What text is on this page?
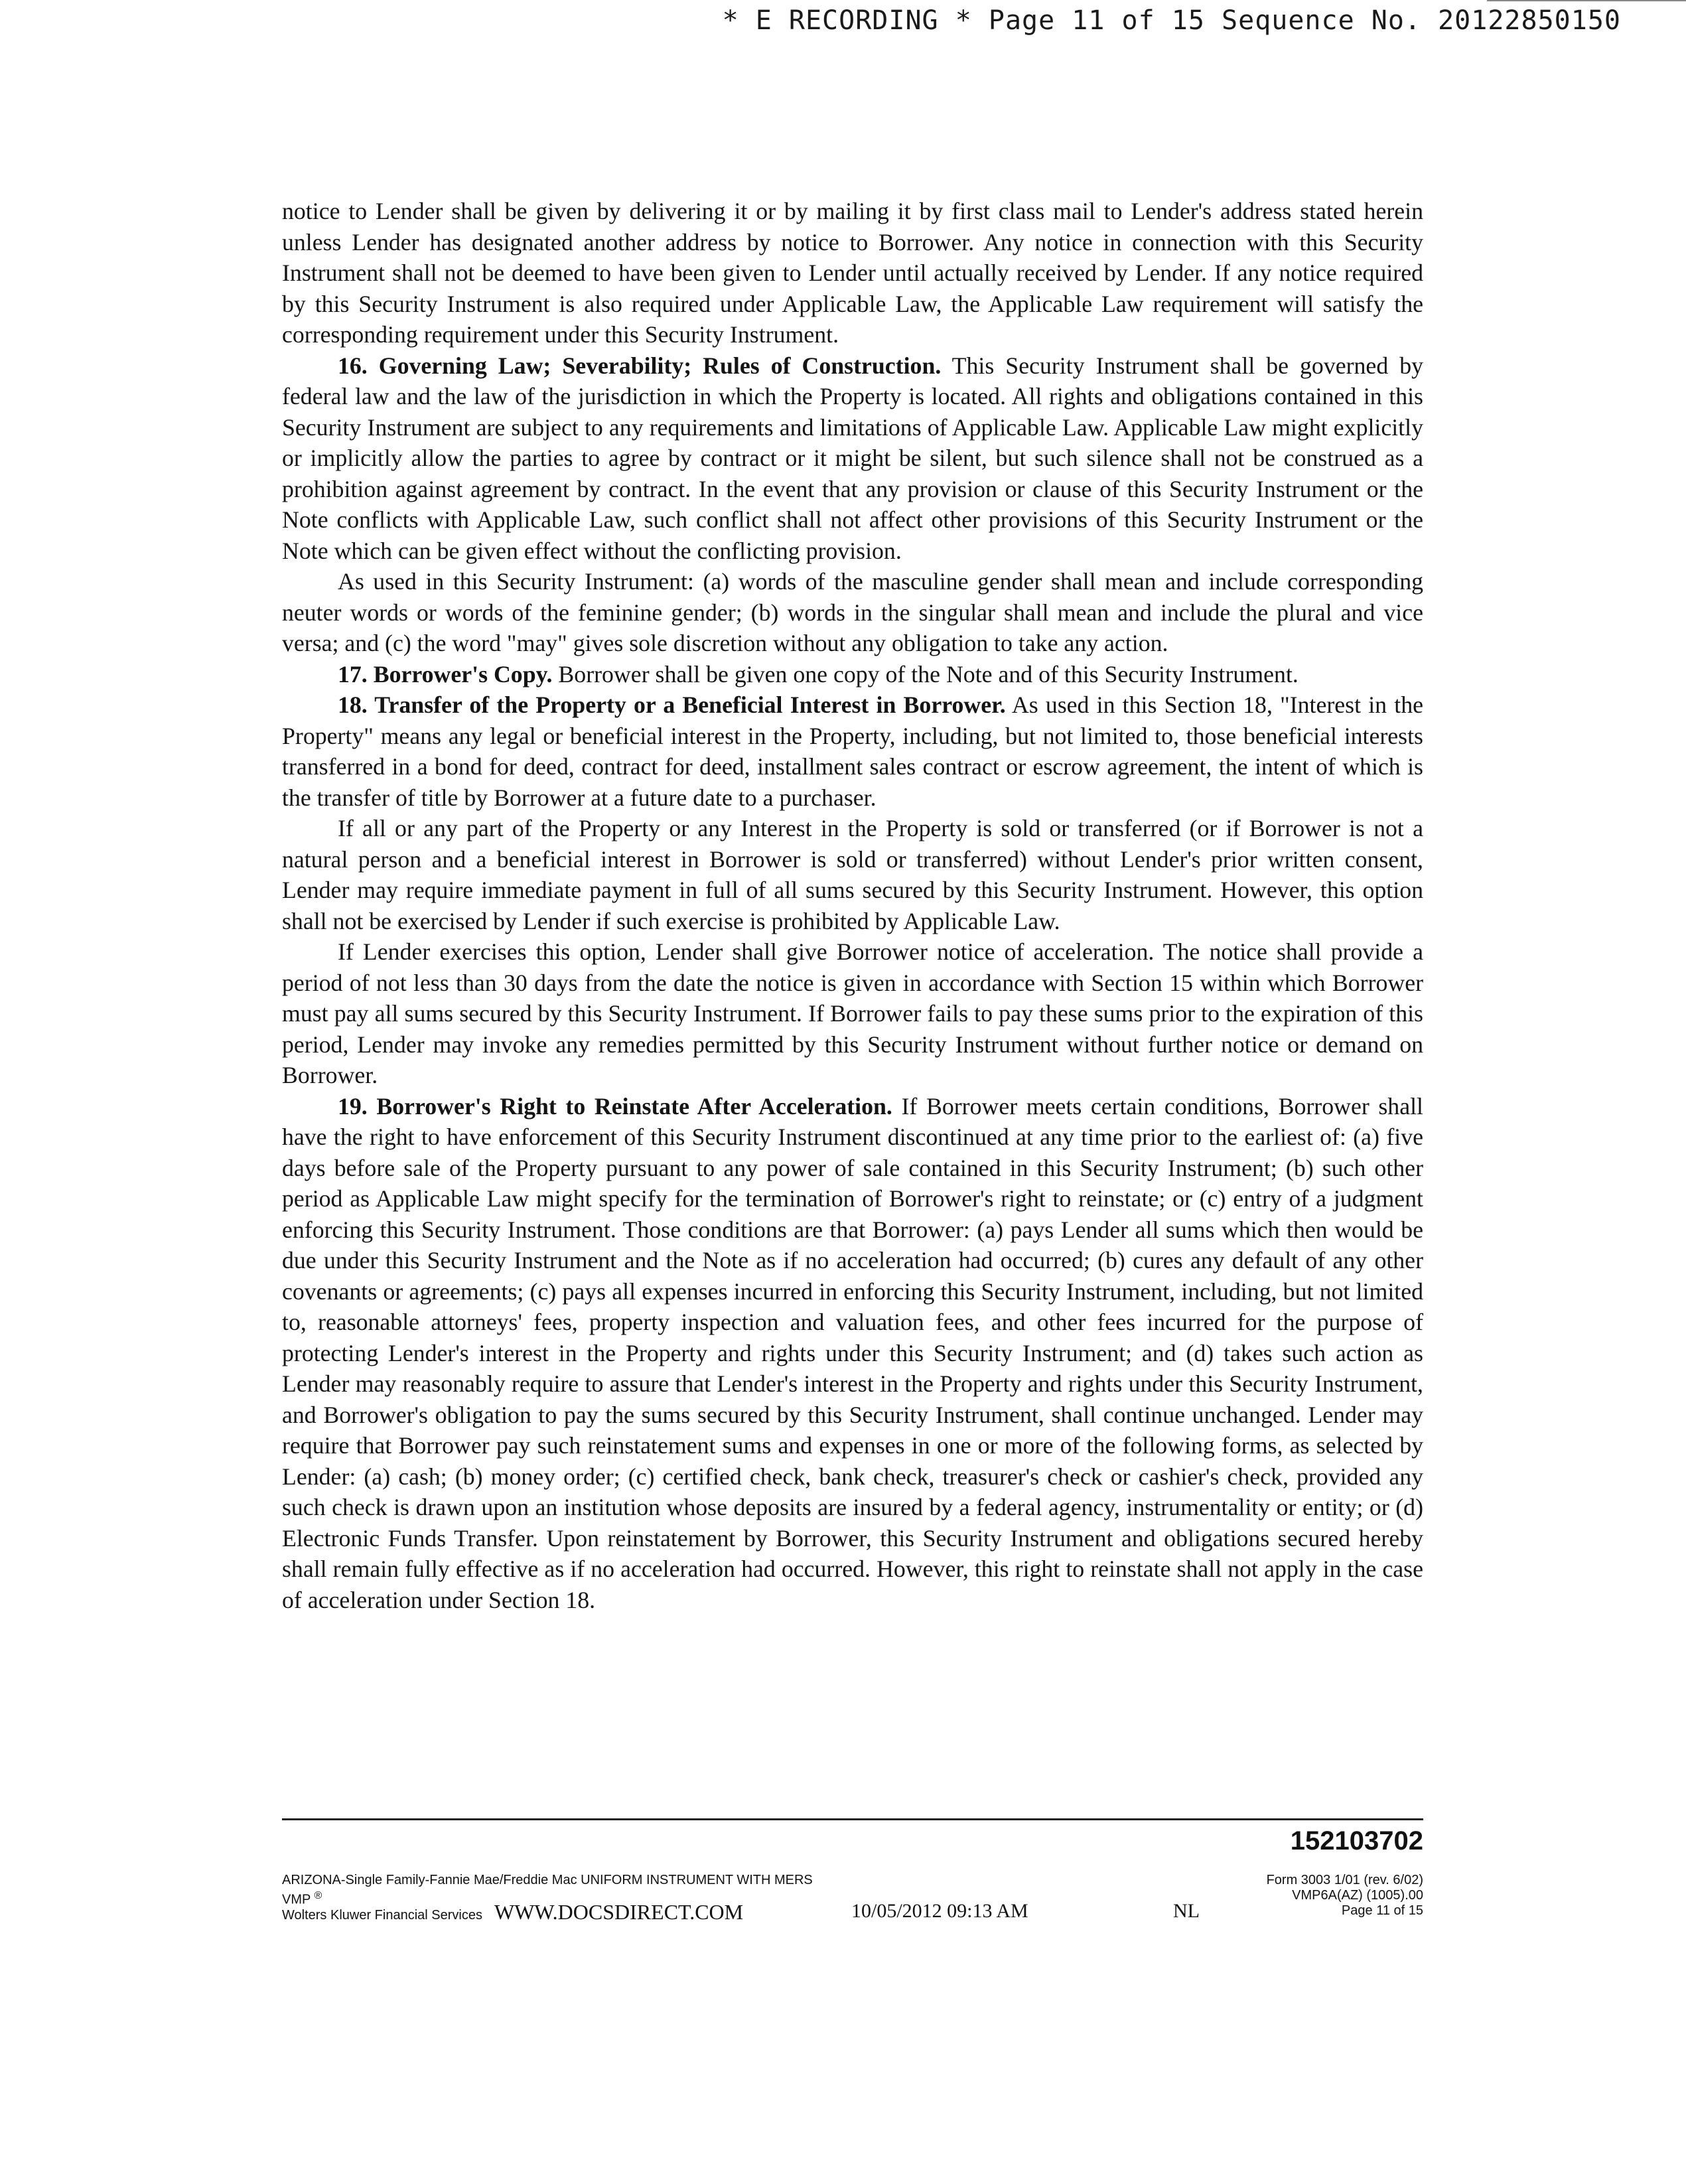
* E RECORDING * Page 11 of 15 Sequence No. 20122850150

notice to Lender shall be given by delivering it or by mailing it by first class mail to Lender's address stated herein unless Lender has designated another address by notice to Borrower. Any notice in connection with this Security Instrument shall not be deemed to have been given to Lender until actually received by Lender. If any notice required by this Security Instrument is also required under Applicable Law, the Applicable Law requirement will satisfy the corresponding requirement under this Security Instrument.

16. Governing Law; Severability; Rules of Construction. This Security Instrument shall be governed by federal law and the law of the jurisdiction in which the Property is located. All rights and obligations contained in this Security Instrument are subject to any requirements and limitations of Applicable Law. Applicable Law might explicitly or implicitly allow the parties to agree by contract or it might be silent, but such silence shall not be construed as a prohibition against agreement by contract. In the event that any provision or clause of this Security Instrument or the Note conflicts with Applicable Law, such conflict shall not affect other provisions of this Security Instrument or the Note which can be given effect without the conflicting provision.

As used in this Security Instrument: (a) words of the masculine gender shall mean and include corresponding neuter words or words of the feminine gender; (b) words in the singular shall mean and include the plural and vice versa; and (c) the word "may" gives sole discretion without any obligation to take any action.

17. Borrower's Copy. Borrower shall be given one copy of the Note and of this Security Instrument.

18. Transfer of the Property or a Beneficial Interest in Borrower. As used in this Section 18, "Interest in the Property" means any legal or beneficial interest in the Property, including, but not limited to, those beneficial interests transferred in a bond for deed, contract for deed, installment sales contract or escrow agreement, the intent of which is the transfer of title by Borrower at a future date to a purchaser.

If all or any part of the Property or any Interest in the Property is sold or transferred (or if Borrower is not a natural person and a beneficial interest in Borrower is sold or transferred) without Lender's prior written consent, Lender may require immediate payment in full of all sums secured by this Security Instrument. However, this option shall not be exercised by Lender if such exercise is prohibited by Applicable Law.

If Lender exercises this option, Lender shall give Borrower notice of acceleration. The notice shall provide a period of not less than 30 days from the date the notice is given in accordance with Section 15 within which Borrower must pay all sums secured by this Security Instrument. If Borrower fails to pay these sums prior to the expiration of this period, Lender may invoke any remedies permitted by this Security Instrument without further notice or demand on Borrower.

19. Borrower's Right to Reinstate After Acceleration. If Borrower meets certain conditions, Borrower shall have the right to have enforcement of this Security Instrument discontinued at any time prior to the earliest of: (a) five days before sale of the Property pursuant to any power of sale contained in this Security Instrument; (b) such other period as Applicable Law might specify for the termination of Borrower's right to reinstate; or (c) entry of a judgment enforcing this Security Instrument. Those conditions are that Borrower: (a) pays Lender all sums which then would be due under this Security Instrument and the Note as if no acceleration had occurred; (b) cures any default of any other covenants or agreements; (c) pays all expenses incurred in enforcing this Security Instrument, including, but not limited to, reasonable attorneys' fees, property inspection and valuation fees, and other fees incurred for the purpose of protecting Lender's interest in the Property and rights under this Security Instrument; and (d) takes such action as Lender may reasonably require to assure that Lender's interest in the Property and rights under this Security Instrument, and Borrower's obligation to pay the sums secured by this Security Instrument, shall continue unchanged. Lender may require that Borrower pay such reinstatement sums and expenses in one or more of the following forms, as selected by Lender: (a) cash; (b) money order; (c) certified check, bank check, treasurer's check or cashier's check, provided any such check is drawn upon an institution whose deposits are insured by a federal agency, instrumentality or entity; or (d) Electronic Funds Transfer. Upon reinstatement by Borrower, this Security Instrument and obligations secured hereby shall remain fully effective as if no acceleration had occurred. However, this right to reinstate shall not apply in the case of acceleration under Section 18.

152103702
ARIZONA-Single Family-Fannie Mae/Freddie Mac UNIFORM INSTRUMENT WITH MERS
VMP ®
Wolters Kluwer Financial Services
Form 3003 1/01 (rev. 6/02)
VMP6A(AZ) (1005).00
Page 11 of 15
WWW.DOCSDIRECT.COM	10/05/2012 09:13 AM	NL
